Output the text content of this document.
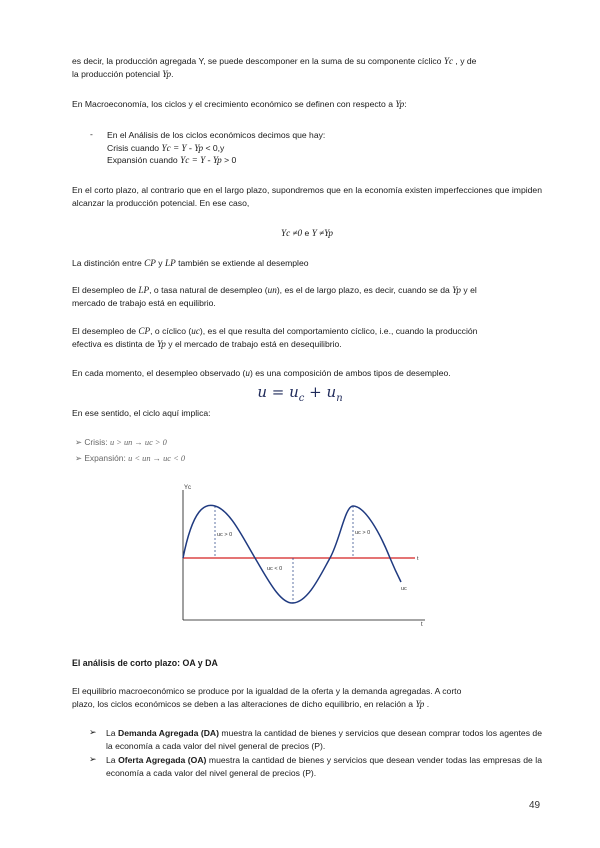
es decir, la producción agregada Y, se puede descomponer en la suma de su componente cíclico Yc , y de
la producción potencial Yp.

En Macroeconomía, los ciclos y el crecimiento económico se definen con respecto a Yp:

- En el Análisis de los ciclos económicos decimos que hay:
Crisis cuando Yc = Y - Yp < 0,y
Expansión cuando Yc = Y - Yp > 0

En el corto plazo, al contrario que en el largo plazo, supondremos que en la economía existen imperfecciones que impiden alcanzar la producción potencial. En ese caso,

Yc ≠0 e Y ≠Yp

La distinción entre CP y LP también se extiende al desempleo

El desempleo de LP, o tasa natural de desempleo (un), es el de largo plazo, es decir, cuando se da Yp y el
mercado de trabajo está en equilibrio.

El desempleo de CP, o cíclico (uc), es el que resulta del comportamiento cíclico, i.e., cuando la producción
efectiva es distinta de Yp y el mercado de trabajo está en desequilibrio.

En cada momento, el desempleo observado (u) es una composición de ambos tipos de desempleo.

$u = u_c + u_n$

En ese sentido, el ciclo aquí implica:

➢ Crisis: u > un → uc > 0
➢ Expansión: u < un → uc < 0
Yc
t
t
uc > 0
uc < 0
uc > 0
uc
El análisis de corto plazo: OA y DA

El equilibrio macroeconómico se produce por la igualdad de la oferta y la demanda agregadas. A corto
plazo, los ciclos económicos se deben a las alteraciones de dicho equilibrio, en relación a Yp .

➢ La Demanda Agregada (DA) muestra la cantidad de bienes y servicios que desean comprar todos los agentes de la economía a cada valor del nivel general de precios (P).

➢ La Oferta Agregada (OA) muestra la cantidad de bienes y servicios que desean vender todas las empresas de la economía a cada valor del nivel general de precios (P).

49
